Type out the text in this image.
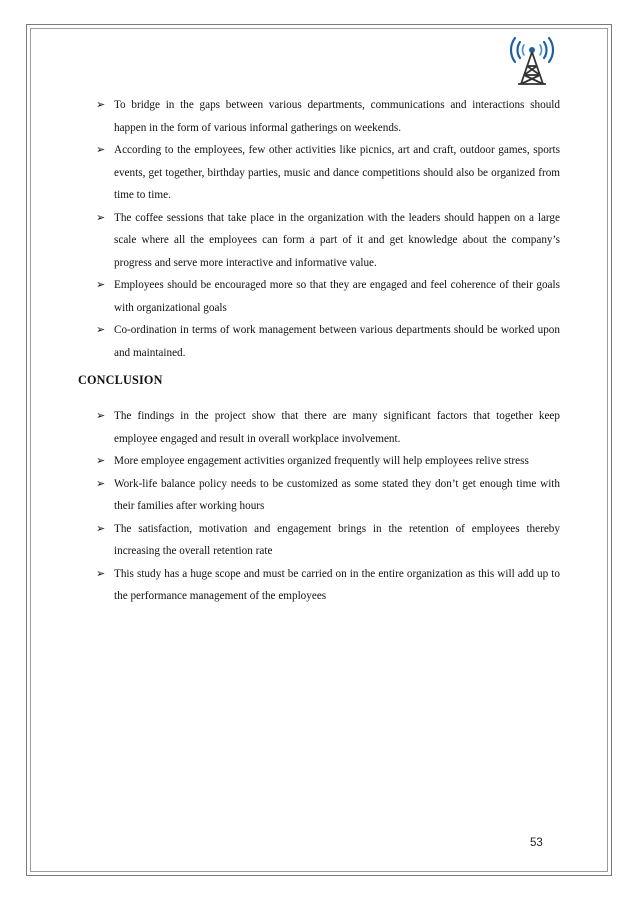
➢ To bridge in the gaps between various departments, communications and interactions should happen in the form of various informal gatherings on weekends.
➢ According to the employees, few other activities like picnics, art and craft, outdoor games, sports events, get together, birthday parties, music and dance competitions should also be organized from time to time.
➢ The coffee sessions that take place in the organization with the leaders should happen on a large scale where all the employees can form a part of it and get knowledge about the company’s progress and serve more interactive and informative value.
➢ Employees should be encouraged more so that they are engaged and feel coherence of their goals with organizational goals
➢ Co-ordination in terms of work management between various departments should be worked upon and maintained.
CONCLUSION
➢ The findings in the project show that there are many significant factors that together keep employee engaged and result in overall workplace involvement.
➢ More employee engagement activities organized frequently will help employees relive stress
➢ Work-life balance policy needs to be customized as some stated they don’t get enough time with their families after working hours
➢ The satisfaction, motivation and engagement brings in the retention of employees thereby increasing the overall retention rate
➢ This study has a huge scope and must be carried on in the entire organization as this will add up to the performance management of the employees
53
